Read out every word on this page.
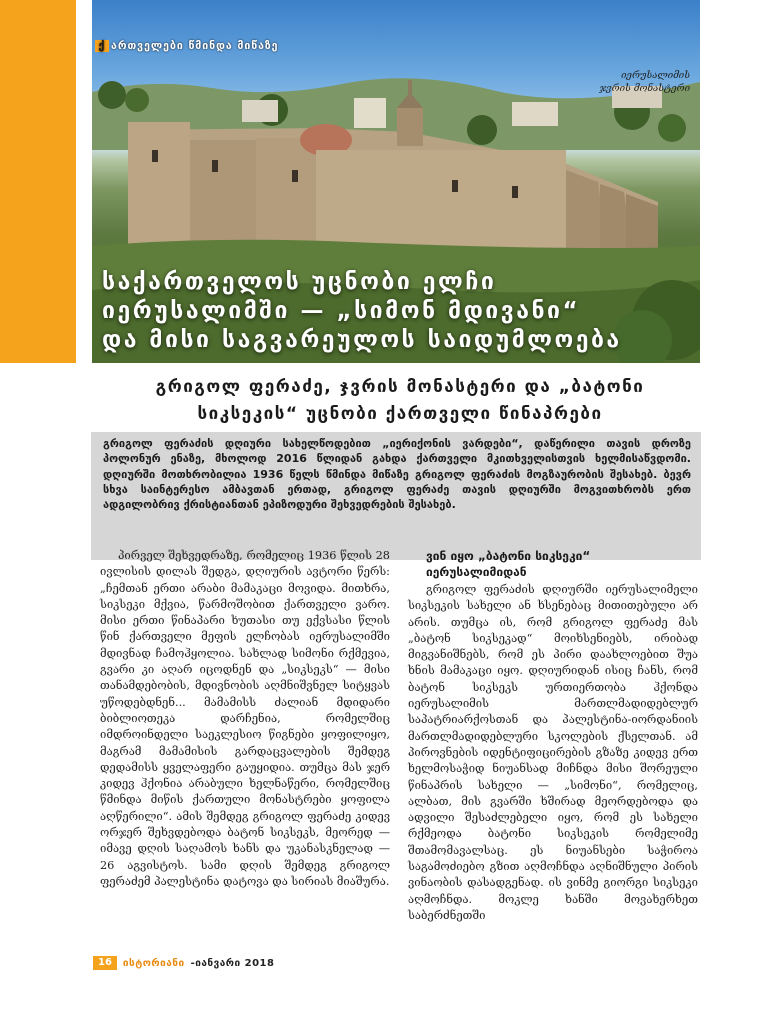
ქ ართველები წმინდა მიწაზე
იერუსალიმის
ჯვრის მონასტერი
საქართველოს უცნობი ელჩი
იერუსალიმში — „სიმონ მდივანი“
და მისი საგვარეულოს საიდუმლოება
გრიგოლ ფერაძე, ჯვრის მონასტერი და „ბატონი
სიკსეკის“ უცნობი ქართველი წინაპრები

გრიგოლ ფერაძის დღიური სახელწოდებით „იერიქონის ვარდები“, დაწერილი თავის დროზე პოლონურ ენაზე, მხოლოდ 2016 წლიდან გახდა ქართველი მკითხველისთვის ხელმისაწვდომი. დღიურში მოთხრობილია 1936 წელს წმინდა მიწაზე გრიგოლ ფერაძის მოგზაურობის შესახებ. ბევრ სხვა საინტერესო ამბავთან ერთად, გრიგოლ ფერაძე თავის დღიურში მოგვითხრობს ერთ ადგილობრივ ქრისტიანთან ეპიზოდური შეხვედრების შესახებ.

პირველ შეხვედრაზე, რომელიც 1936 წლის 28 ივლისის დილას შედგა, დღიურის ავტორი წერს: „ჩემთან ერთი არაბი მამაკაცი მოვიდა. მითხრა, სიკსეკი მქვია, წარმოშობით ქართველი ვარო. მისი ერთი წინაპარი ხუთასი თუ ექვსასი წლის წინ ქართველი მეფის ელჩობას იერუსალიმში მდივნად ჩამოჰყოლია. სახლად სიმონი რქმევია, გვარი კი აღარ იცოდნენ და „სიკსეკს“ — მისი თანამდებობის, მდივნობის აღმნიშვნელ სიტყვას უწოდებდნენ... მამამისს ძალიან მდიდარი ბიბლიოთეკა დარჩენია, რომელშიც იმდროინდელი საეკლესიო წიგნები ყოფილიყო, მაგრამ მამამისის გარდაცვალების შემდეგ დედამისს ყველაფერი გაუყიდია. თუმცა მას ჯერ კიდევ ჰქონია არაბული ხელნაწერი, რომელშიც წმინდა მიწის ქართული მონასტრები ყოფილა აღწერილი“. ამის შემდეგ გრიგოლ ფერაძე კიდევ ორჯერ შეხვდებოდა ბატონ სიკსეკს, მეორედ — იმავე დღის საღამოს ხანს და უკანასკნელად — 26 აგვისტოს. სამი დღის შემდეგ გრიგოლ ფერაძემ პალესტინა დატოვა და სირიას მიაშურა.

ვინ იყო „ბატონი სიკსეკი“
იერუსალიმიდან

გრიგოლ ფერაძის დღიურში იერუსალიმელი სიკსეკის სახელი ან ხსენებაც მითითებული არ არის. თუმცა ის, რომ გრიგოლ ფერაძე მას „ბატონ სიკსეკად“ მოიხსენიებს, ირიბად მიგვანიშნებს, რომ ეს პირი დაახლოებით შუა ხნის მამაკაცი იყო. დღიურიდან ისიც ჩანს, რომ ბატონ სიკსეკს ურთიერთობა ჰქონდა იერუსალიმის მართლმადიდებლურ საპატრიარქოსთან და პალესტინა-იორდანიის მართლმადიდებლური სკოლების ქსელთან. ამ პიროვნების იდენტიფიცირების გზაზე კიდევ ერთ ხელმოსაჭიდ ნიუანსად მიჩნდა მისი შორეული წინაპრის სახელი — „სიმონი“, რომელიც, ალბათ, მის გვარში ხშირად მეორდებოდა და ადვილი შესაძლებელი იყო, რომ ეს სახელი რქმეოდა ბატონი სიკსეკის რომელიმე შთამომავალსაც. ეს ნიუანსები საჭიროა საგამოძიებო გზით აღმოჩნდა აღნიშნული პირის ვინაობის დასადგენად. ის ვინმე გიორგი სიკსეკი აღმოჩნდა. მოკლე ხანში მოვახერხეთ საბერძნეთში

16	ისტორიანი -იანვარი 2018
